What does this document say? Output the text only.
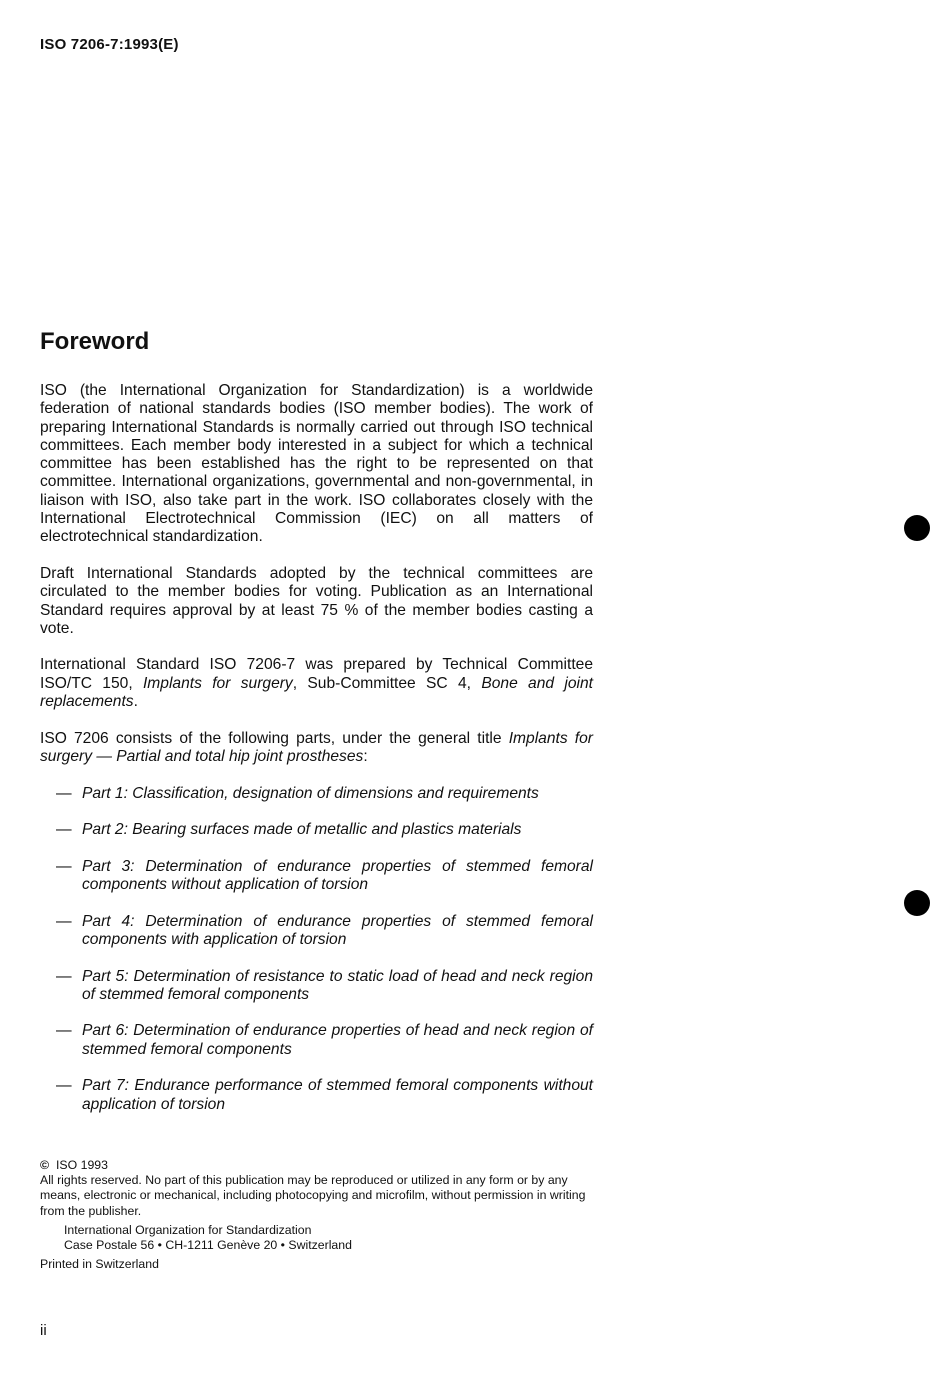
ISO 7206-7:1993(E)
Foreword

ISO (the International Organization for Standardization) is a worldwide federation of national standards bodies (ISO member bodies). The work of preparing International Standards is normally carried out through ISO technical committees. Each member body interested in a subject for which a technical committee has been established has the right to be represented on that committee. International organizations, governmental and non-governmental, in liaison with ISO, also take part in the work. ISO collaborates closely with the International Electrotechnical Commission (IEC) on all matters of electrotechnical standardization.

Draft International Standards adopted by the technical committees are circulated to the member bodies for voting. Publication as an International Standard requires approval by at least 75 % of the member bodies casting a vote.

International Standard ISO 7206-7 was prepared by Technical Committee ISO/TC 150, Implants for surgery, Sub-Committee SC 4, Bone and joint replacements.

ISO 7206 consists of the following parts, under the general title Implants for surgery — Partial and total hip joint prostheses:

— Part 1: Classification, designation of dimensions and requirements
— Part 2: Bearing surfaces made of metallic and plastics materials
— Part 3: Determination of endurance properties of stemmed femoral components without application of torsion
— Part 4: Determination of endurance properties of stemmed femoral components with application of torsion
— Part 5: Determination of resistance to static load of head and neck region of stemmed femoral components
— Part 6: Determination of endurance properties of head and neck region of stemmed femoral components
— Part 7: Endurance performance of stemmed femoral components without application of torsion
© ISO 1993
All rights reserved. No part of this publication may be reproduced or utilized in any form or by any means, electronic or mechanical, including photocopying and microfilm, without permission in writing from the publisher.
International Organization for Standardization
Case Postale 56 • CH-1211 Genève 20 • Switzerland
Printed in Switzerland
ii
